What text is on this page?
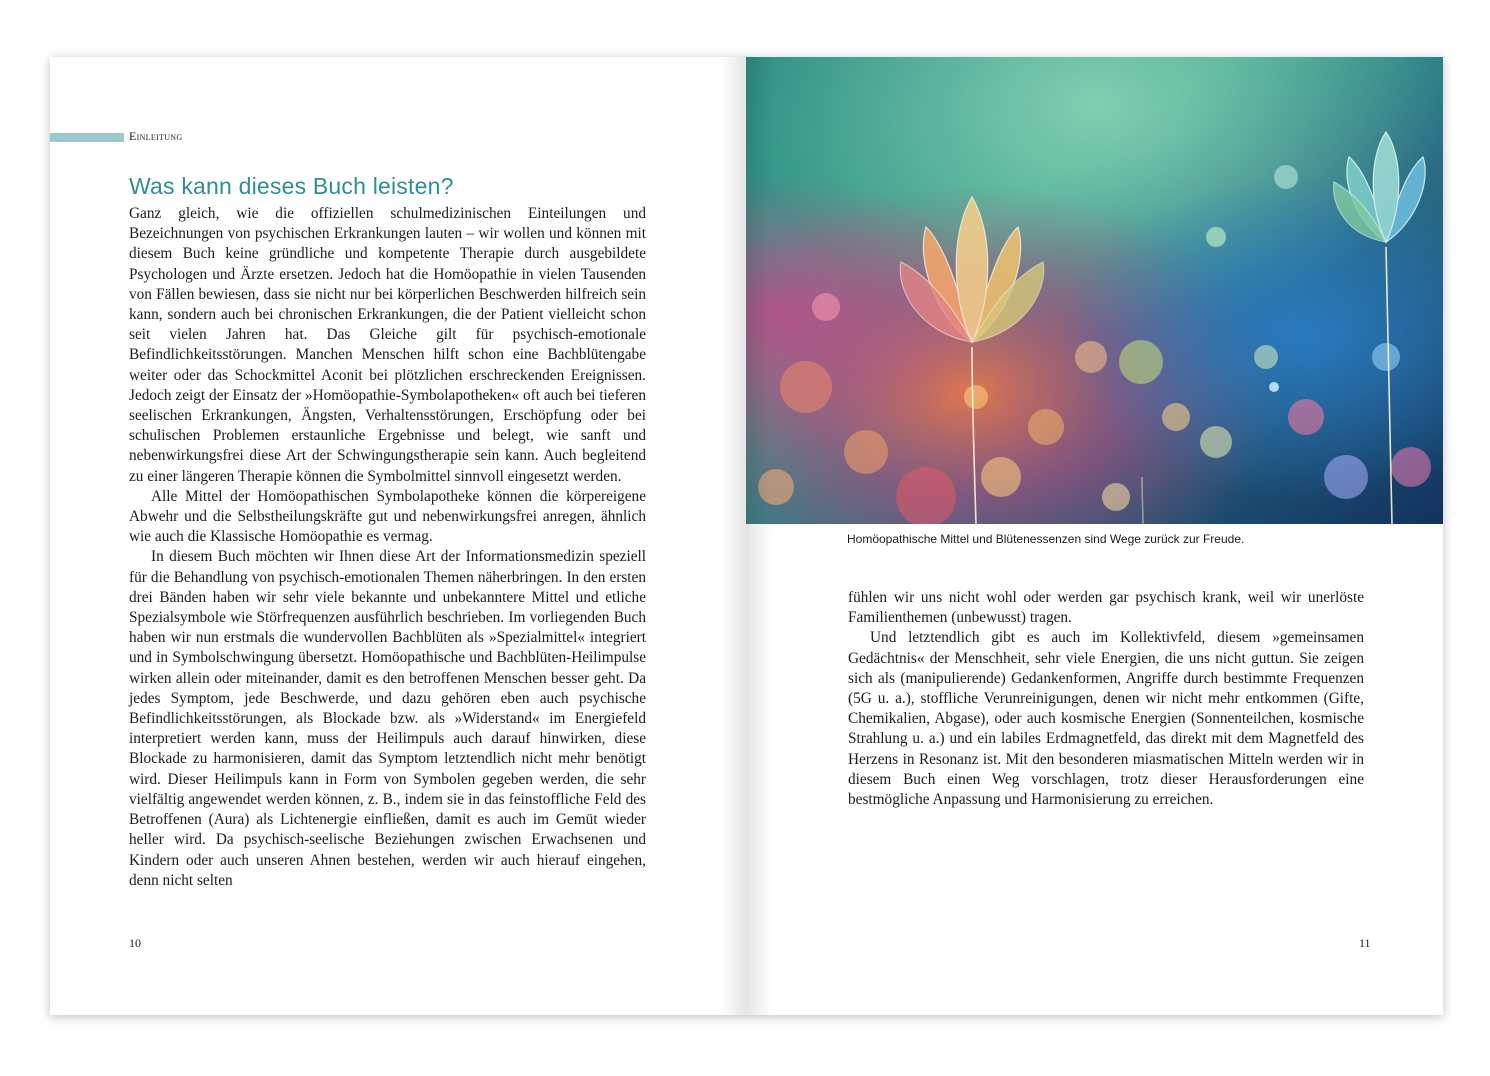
Einleitung
Was kann dieses Buch leisten?

Ganz gleich, wie die offiziellen schulmedizinischen Einteilungen und Bezeichnungen von psychischen Erkrankungen lauten – wir wollen und können mit diesem Buch keine gründliche und kompetente Therapie durch ausgebildete Psychologen und Ärzte ersetzen. Jedoch hat die Homöopathie in vielen Tausenden von Fällen bewiesen, dass sie nicht nur bei körperlichen Beschwerden hilfreich sein kann, sondern auch bei chronischen Erkrankungen, die der Patient vielleicht schon seit vielen Jahren hat. Das Gleiche gilt für psychisch-emotionale Befindlichkeitsstörungen. Manchen Menschen hilft schon eine Bachblütengabe weiter oder das Schockmittel Aconit bei plötzlichen erschreckenden Ereignissen. Jedoch zeigt der Einsatz der »Homöopathie-Symbolapotheken« oft auch bei tieferen seelischen Erkrankungen, Ängsten, Verhaltensstörungen, Erschöpfung oder bei schulischen Problemen erstaunliche Ergebnisse und belegt, wie sanft und nebenwirkungsfrei diese Art der Schwingungstherapie sein kann. Auch begleitend zu einer längeren Therapie können die Symbolmittel sinnvoll eingesetzt werden.

Alle Mittel der Homöopathischen Symbolapotheke können die körpereigene Abwehr und die Selbstheilungskräfte gut und nebenwirkungsfrei anregen, ähnlich wie auch die Klassische Homöopathie es vermag.

In diesem Buch möchten wir Ihnen diese Art der Informationsmedizin speziell für die Behandlung von psychisch-emotionalen Themen näherbringen. In den ersten drei Bänden haben wir sehr viele bekannte und unbekanntere Mittel und etliche Spezialsymbole wie Störfrequenzen ausführlich beschrieben. Im vorliegenden Buch haben wir nun erstmals die wundervollen Bachblüten als »Spezialmittel« integriert und in Symbolschwingung übersetzt. Homöopathische und Bachblüten-Heilimpulse wirken allein oder miteinander, damit es den betroffenen Menschen besser geht. Da jedes Symptom, jede Beschwerde, und dazu gehören eben auch psychische Befindlichkeitsstörungen, als Blockade bzw. als »Widerstand« im Energiefeld interpretiert werden kann, muss der Heilimpuls auch darauf hinwirken, diese Blockade zu harmonisieren, damit das Symptom letztendlich nicht mehr benötigt wird. Dieser Heilimpuls kann in Form von Symbolen gegeben werden, die sehr vielfältig angewendet werden können, z. B., indem sie in das feinstoffliche Feld des Betroffenen (Aura) als Lichtenergie einfließen, damit es auch im Gemüt wieder heller wird. Da psychisch-seelische Beziehungen zwischen Erwachsenen und Kindern oder auch unseren Ahnen bestehen, werden wir auch hierauf eingehen, denn nicht selten

10
Homöopathische Mittel und Blütenessenzen sind Wege zurück zur Freude.

fühlen wir uns nicht wohl oder werden gar psychisch krank, weil wir unerlöste Familienthemen (unbewusst) tragen.

Und letztendlich gibt es auch im Kollektivfeld, diesem »gemeinsamen Gedächtnis« der Menschheit, sehr viele Energien, die uns nicht guttun. Sie zeigen sich als (manipulierende) Gedankenformen, Angriffe durch bestimmte Frequenzen (5G u. a.), stoffliche Verunreinigungen, denen wir nicht mehr entkommen (Gifte, Chemikalien, Abgase), oder auch kosmische Energien (Sonnenteilchen, kosmische Strahlung u. a.) und ein labiles Erdmagnetfeld, das direkt mit dem Magnetfeld des Herzens in Resonanz ist. Mit den besonderen miasmatischen Mitteln werden wir in diesem Buch einen Weg vorschlagen, trotz dieser Herausforderungen eine bestmögliche Anpassung und Harmonisierung zu erreichen.

11
